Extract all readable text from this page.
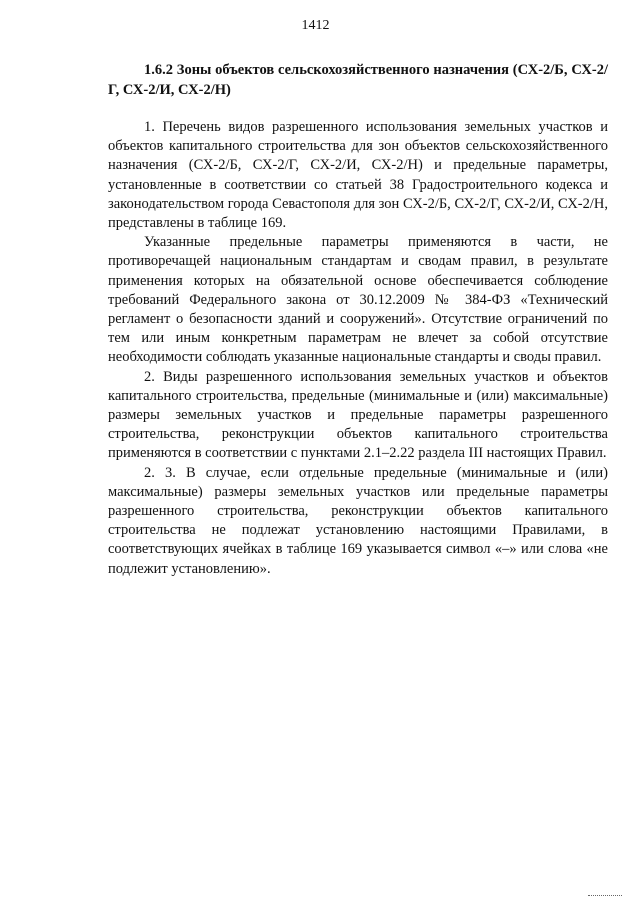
1412

1.6.2 Зоны объектов сельскохозяйственного назначения (СХ-2/Б, СХ-2/Г, СХ-2/И, СХ-2/Н)

1. Перечень видов разрешенного использования земельных участков и объектов капитального строительства для зон объектов сельскохозяйственного назначения (СХ-2/Б, СХ-2/Г, СХ-2/И, СХ-2/Н) и предельные параметры, установленные в соответствии со статьей 38 Градостроительного кодекса и законодательством города Севастополя для зон СХ-2/Б, СХ-2/Г, СХ-2/И, СХ-2/Н, представлены в таблице 169.

Указанные предельные параметры применяются в части, не противоречащей национальным стандартам и сводам правил, в результате применения которых на обязательной основе обеспечивается соблюдение требований Федерального закона от 30.12.2009 № 384-ФЗ «Технический регламент о безопасности зданий и сооружений». Отсутствие ограничений по тем или иным конкретным параметрам не влечет за собой отсутствие необходимости соблюдать указанные национальные стандарты и своды правил.

2. Виды разрешенного использования земельных участков и объектов капитального строительства, предельные (минимальные и (или) максимальные) размеры земельных участков и предельные параметры разрешенного строительства, реконструкции объектов капитального строительства применяются в соответствии с пунктами 2.1–2.22 раздела III настоящих Правил.

2. 3. В случае, если отдельные предельные (минимальные и (или) максимальные) размеры земельных участков или предельные параметры разрешенного строительства, реконструкции объектов капитального строительства не подлежат установлению настоящими Правилами, в соответствующих ячейках в таблице 169 указывается символ «–» или слова «не подлежит установлению».
